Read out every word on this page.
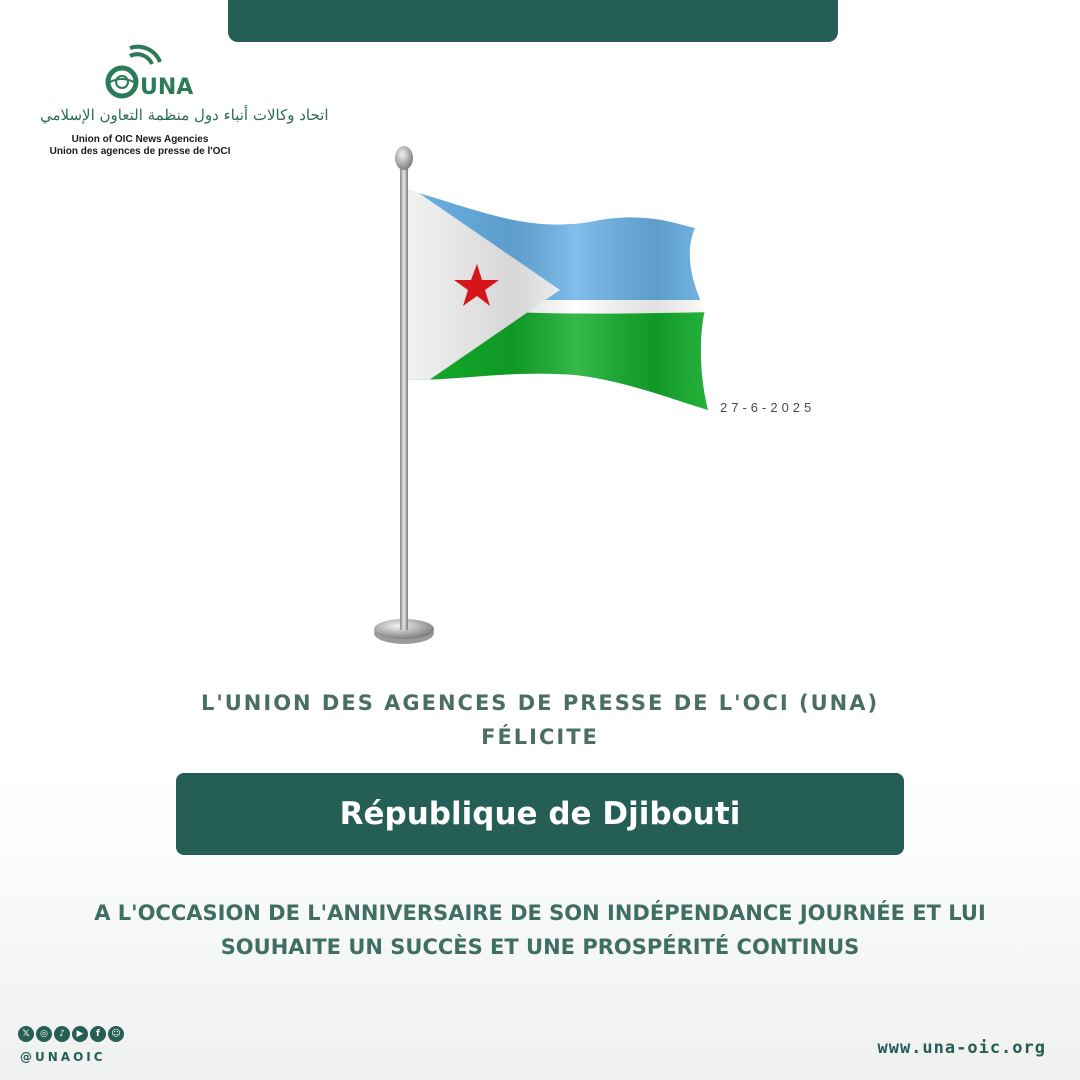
UNA
اتحاد وكالات أنباء دول منظمة التعاون الإسلامي
Union of OIC News Agencies
Union des agences de presse de l'OCI
27-6-2025
L'UNION DES AGENCES DE PRESSE DE L'OCI (UNA)
FÉLICITE
République de Djibouti
A L'OCCASION DE L'ANNIVERSAIRE DE SON INDÉPENDANCE JOURNÉE ET LUI
SOUHAITE UN SUCCÈS ET UNE PROSPÉRITÉ CONTINUS
𝕏	◎	♪	▶	f	☺
@UNAOIC	www.una-oic.org
